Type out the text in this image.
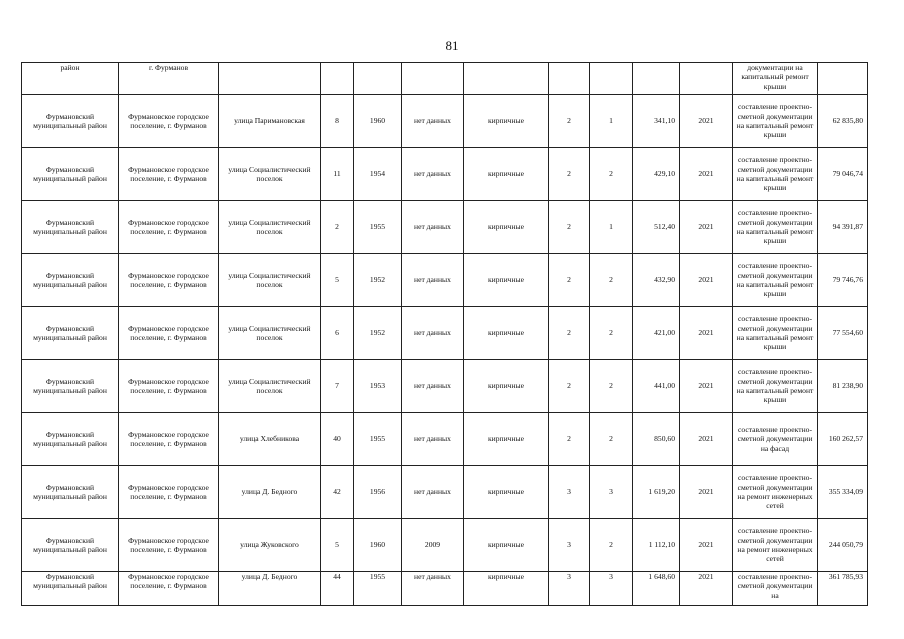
81
район	г. Фурманов										документации на капитальный ремонт крыши	
Фурмановский муниципальный район	Фурмановское городское поселение, г. Фурманов	улица Паримановская	8	1960	нет данных	кирпичные	2	1	341,10	2021	составление проектно-сметной документации на капитальный ремонт крыши	62 835,80
Фурмановский муниципальный район	Фурмановское городское поселение, г. Фурманов	улица Социалистический поселок	11	1954	нет данных	кирпичные	2	2	429,10	2021	составление проектно-сметной документации на капитальный ремонт крыши	79 046,74
Фурмановский муниципальный район	Фурмановское городское поселение, г. Фурманов	улица Социалистический поселок	2	1955	нет данных	кирпичные	2	1	512,40	2021	составление проектно-сметной документации на капитальный ремонт крыши	94 391,87
Фурмановский муниципальный район	Фурмановское городское поселение, г. Фурманов	улица Социалистический поселок	5	1952	нет данных	кирпичные	2	2	432,90	2021	составление проектно-сметной документации на капитальный ремонт крыши	79 746,76
Фурмановский муниципальный район	Фурмановское городское поселение, г. Фурманов	улица Социалистический поселок	6	1952	нет данных	кирпичные	2	2	421,00	2021	составление проектно-сметной документации на капитальный ремонт крыши	77 554,60
Фурмановский муниципальный район	Фурмановское городское поселение, г. Фурманов	улица Социалистический поселок	7	1953	нет данных	кирпичные	2	2	441,00	2021	составление проектно-сметной документации на капитальный ремонт крыши	81 238,90
Фурмановский муниципальный район	Фурмановское городское поселение, г. Фурманов	улица Хлебникова	40	1955	нет данных	кирпичные	2	2	850,60	2021	составление проектно-сметной документации на фасад	160 262,57
Фурмановский муниципальный район	Фурмановское городское поселение, г. Фурманов	улица Д. Бедного	42	1956	нет данных	кирпичные	3	3	1 619,20	2021	составление проектно-сметной документации на ремонт инженерных сетей	355 334,09
Фурмановский муниципальный район	Фурмановское городское поселение, г. Фурманов	улица Жуковского	5	1960	2009	кирпичные	3	2	1 112,10	2021	составление проектно-сметной документации на ремонт инженерных сетей	244 050,79
Фурмановский муниципальный район	Фурмановское городское поселение, г. Фурманов	улица Д. Бедного	44	1955	нет данных	кирпичные	3	3	1 648,60	2021	составление проектно-сметной документации на	361 785,93
